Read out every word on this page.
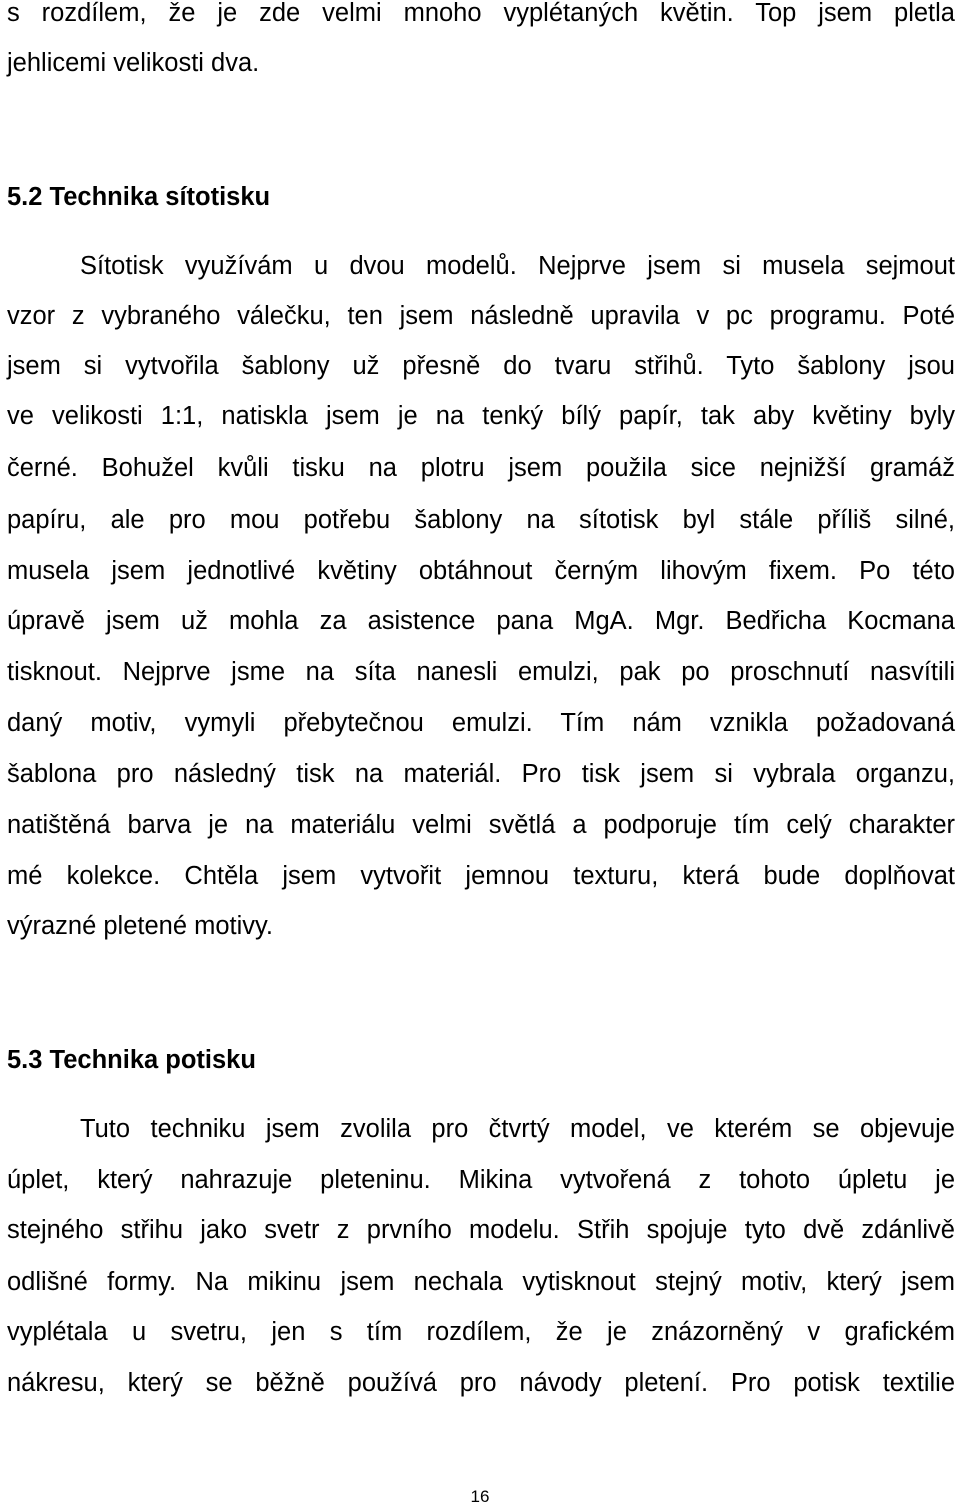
s rozdílem, že je zde velmi mnoho vyplétaných květin. Top jsem pletla

jehlicemi velikosti dva.

5.2 Technika sítotisku

Sítotisk využívám u dvou modelů. Nejprve jsem si musela sejmout

vzor z vybraného válečku, ten jsem následně upravila v pc programu. Poté

jsem si vytvořila šablony už přesně do tvaru střihů. Tyto šablony jsou

ve velikosti 1:1, natiskla jsem je na tenký bílý papír, tak aby květiny byly

černé. Bohužel kvůli tisku na plotru jsem použila sice nejnižší gramáž

papíru, ale pro mou potřebu šablony na sítotisk byl stále příliš silné,

musela jsem jednotlivé květiny obtáhnout černým lihovým fixem. Po této

úpravě jsem už mohla za asistence pana MgA. Mgr. Bedřicha Kocmana

tisknout. Nejprve jsme na síta nanesli emulzi, pak po proschnutí nasvítili

daný motiv, vymyli přebytečnou emulzi. Tím nám vznikla požadovaná

šablona pro následný tisk na materiál. Pro tisk jsem si vybrala organzu,

natištěná barva je na materiálu velmi světlá a podporuje tím celý charakter

mé kolekce. Chtěla jsem vytvořit jemnou texturu, která bude doplňovat

výrazné pletené motivy.

5.3 Technika potisku

Tuto techniku jsem zvolila pro čtvrtý model, ve kterém se objevuje

úplet, který nahrazuje pleteninu. Mikina vytvořená z tohoto úpletu je

stejného střihu jako svetr z prvního modelu. Střih spojuje tyto dvě zdánlivě

odlišné formy. Na mikinu jsem nechala vytisknout stejný motiv, který jsem

vyplétala u svetru, jen s tím rozdílem, že je znázorněný v grafickém

nákresu, který se běžně používá pro návody pletení. Pro potisk textilie

16
